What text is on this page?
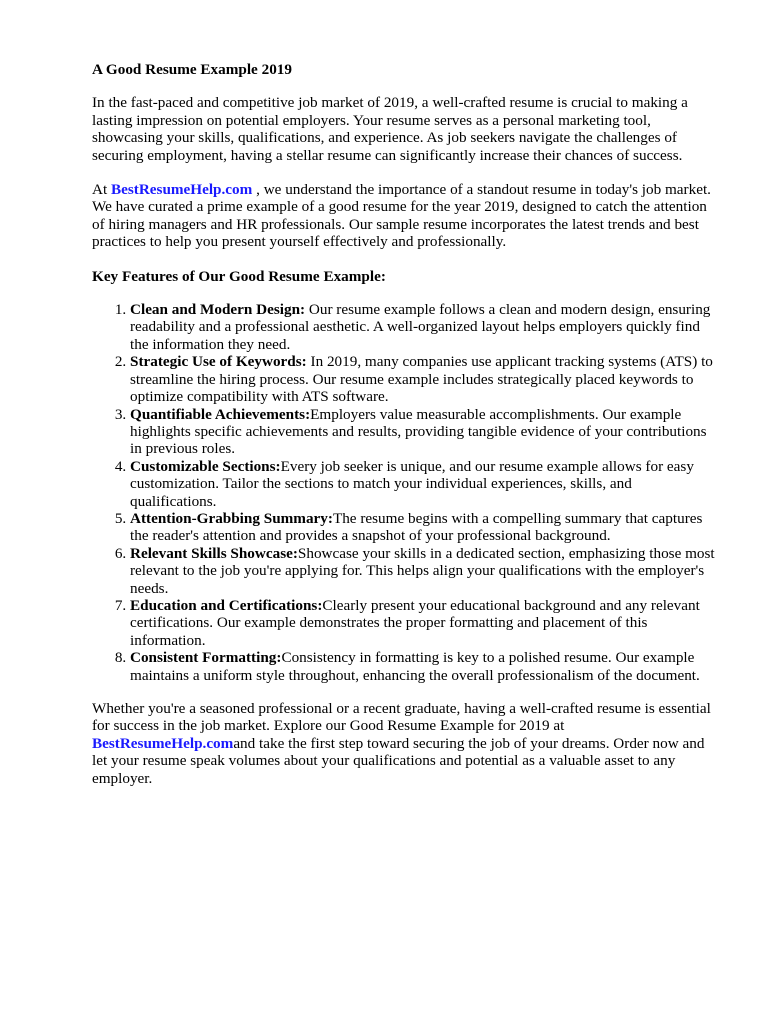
A Good Resume Example 2019

In the fast-paced and competitive job market of 2019, a well-crafted resume is crucial to making a lasting impression on potential employers. Your resume serves as a personal marketing tool, showcasing your skills, qualifications, and experience. As job seekers navigate the challenges of securing employment, having a stellar resume can significantly increase their chances of success.

At BestResumeHelp.com , we understand the importance of a standout resume in today's job market. We have curated a prime example of a good resume for the year 2019, designed to catch the attention of hiring managers and HR professionals. Our sample resume incorporates the latest trends and best practices to help you present yourself effectively and professionally.

Key Features of Our Good Resume Example:
1. Clean and Modern Design: Our resume example follows a clean and modern design, ensuring readability and a professional aesthetic. A well-organized layout helps employers quickly find the information they need.
2. Strategic Use of Keywords: In 2019, many companies use applicant tracking systems (ATS) to streamline the hiring process. Our resume example includes strategically placed keywords to optimize compatibility with ATS software.
3. Quantifiable Achievements:Employers value measurable accomplishments. Our example highlights specific achievements and results, providing tangible evidence of your contributions in previous roles.
4. Customizable Sections:Every job seeker is unique, and our resume example allows for easy customization. Tailor the sections to match your individual experiences, skills, and qualifications.
5. Attention-Grabbing Summary:The resume begins with a compelling summary that captures the reader's attention and provides a snapshot of your professional background.
6. Relevant Skills Showcase:Showcase your skills in a dedicated section, emphasizing those most relevant to the job you're applying for. This helps align your qualifications with the employer's needs.
7. Education and Certifications:Clearly present your educational background and any relevant certifications. Our example demonstrates the proper formatting and placement of this information.
8. Consistent Formatting:Consistency in formatting is key to a polished resume. Our example maintains a uniform style throughout, enhancing the overall professionalism of the document.

Whether you're a seasoned professional or a recent graduate, having a well-crafted resume is essential for success in the job market. Explore our Good Resume Example for 2019 at BestResumeHelp.comand take the first step toward securing the job of your dreams. Order now and let your resume speak volumes about your qualifications and potential as a valuable asset to any employer.
